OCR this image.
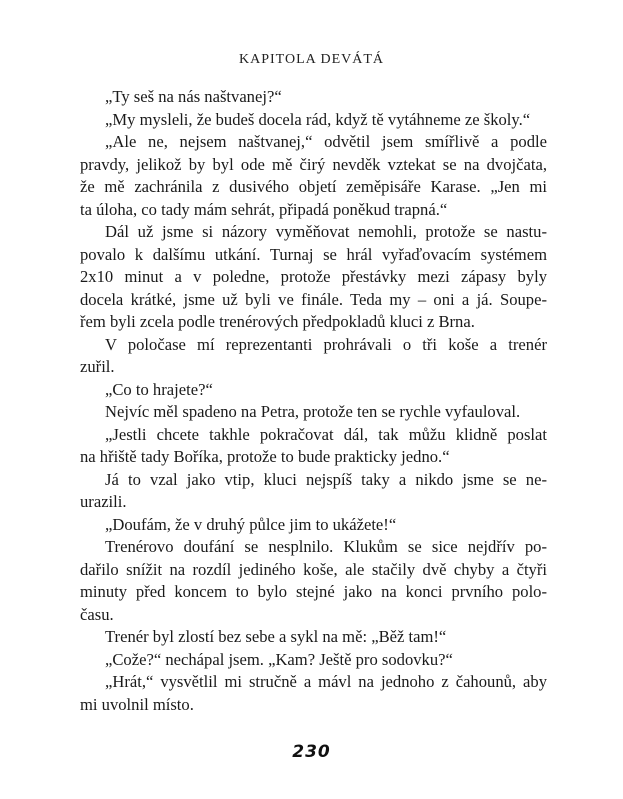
KAPITOLA DEVÁTÁ
„Ty seš na nás naštvanej?“
„My mysleli, že budeš docela rád, když tě vytáhneme ze školy.“
„Ale ne, nejsem naštvanej,“ odvětil jsem smířlivě a podle
pravdy, jelikož by byl ode mě čirý nevděk vztekat se na dvojčata,
že mě zachránila z dusivého objetí zeměpisáře Karase. „Jen mi
ta úloha, co tady mám sehrát, připadá poněkud trapná.“
Dál už jsme si názory vyměňovat nemohli, protože se nastu-
povalo k dalšímu utkání. Turnaj se hrál vyřaďovacím systémem
2x10 minut a v poledne, protože přestávky mezi zápasy byly
docela krátké, jsme už byli ve finále. Teda my – oni a já. Soupe-
řem byli zcela podle trenérových předpokladů kluci z Brna.
V poločase mí reprezentanti prohrávali o tři koše a trenér
zuřil.
„Co to hrajete?“
Nejvíc měl spadeno na Petra, protože ten se rychle vyfauloval.
„Jestli chcete takhle pokračovat dál, tak můžu klidně poslat
na hřiště tady Boříka, protože to bude prakticky jedno.“
Já to vzal jako vtip, kluci nejspíš taky a nikdo jsme se ne-
urazili.
„Doufám, že v druhý půlce jim to ukážete!“
Trenérovo doufání se nesplnilo. Klukům se sice nejdřív po-
dařilo snížit na rozdíl jediného koše, ale stačily dvě chyby a čtyři
minuty před koncem to bylo stejné jako na konci prvního polo-
času.
Trenér byl zlostí bez sebe a sykl na mě: „Běž tam!“
„Cože?“ nechápal jsem. „Kam? Ještě pro sodovku?“
„Hrát,“ vysvětlil mi stručně a mávl na jednoho z čahounů, aby
mi uvolnil místo.
230
